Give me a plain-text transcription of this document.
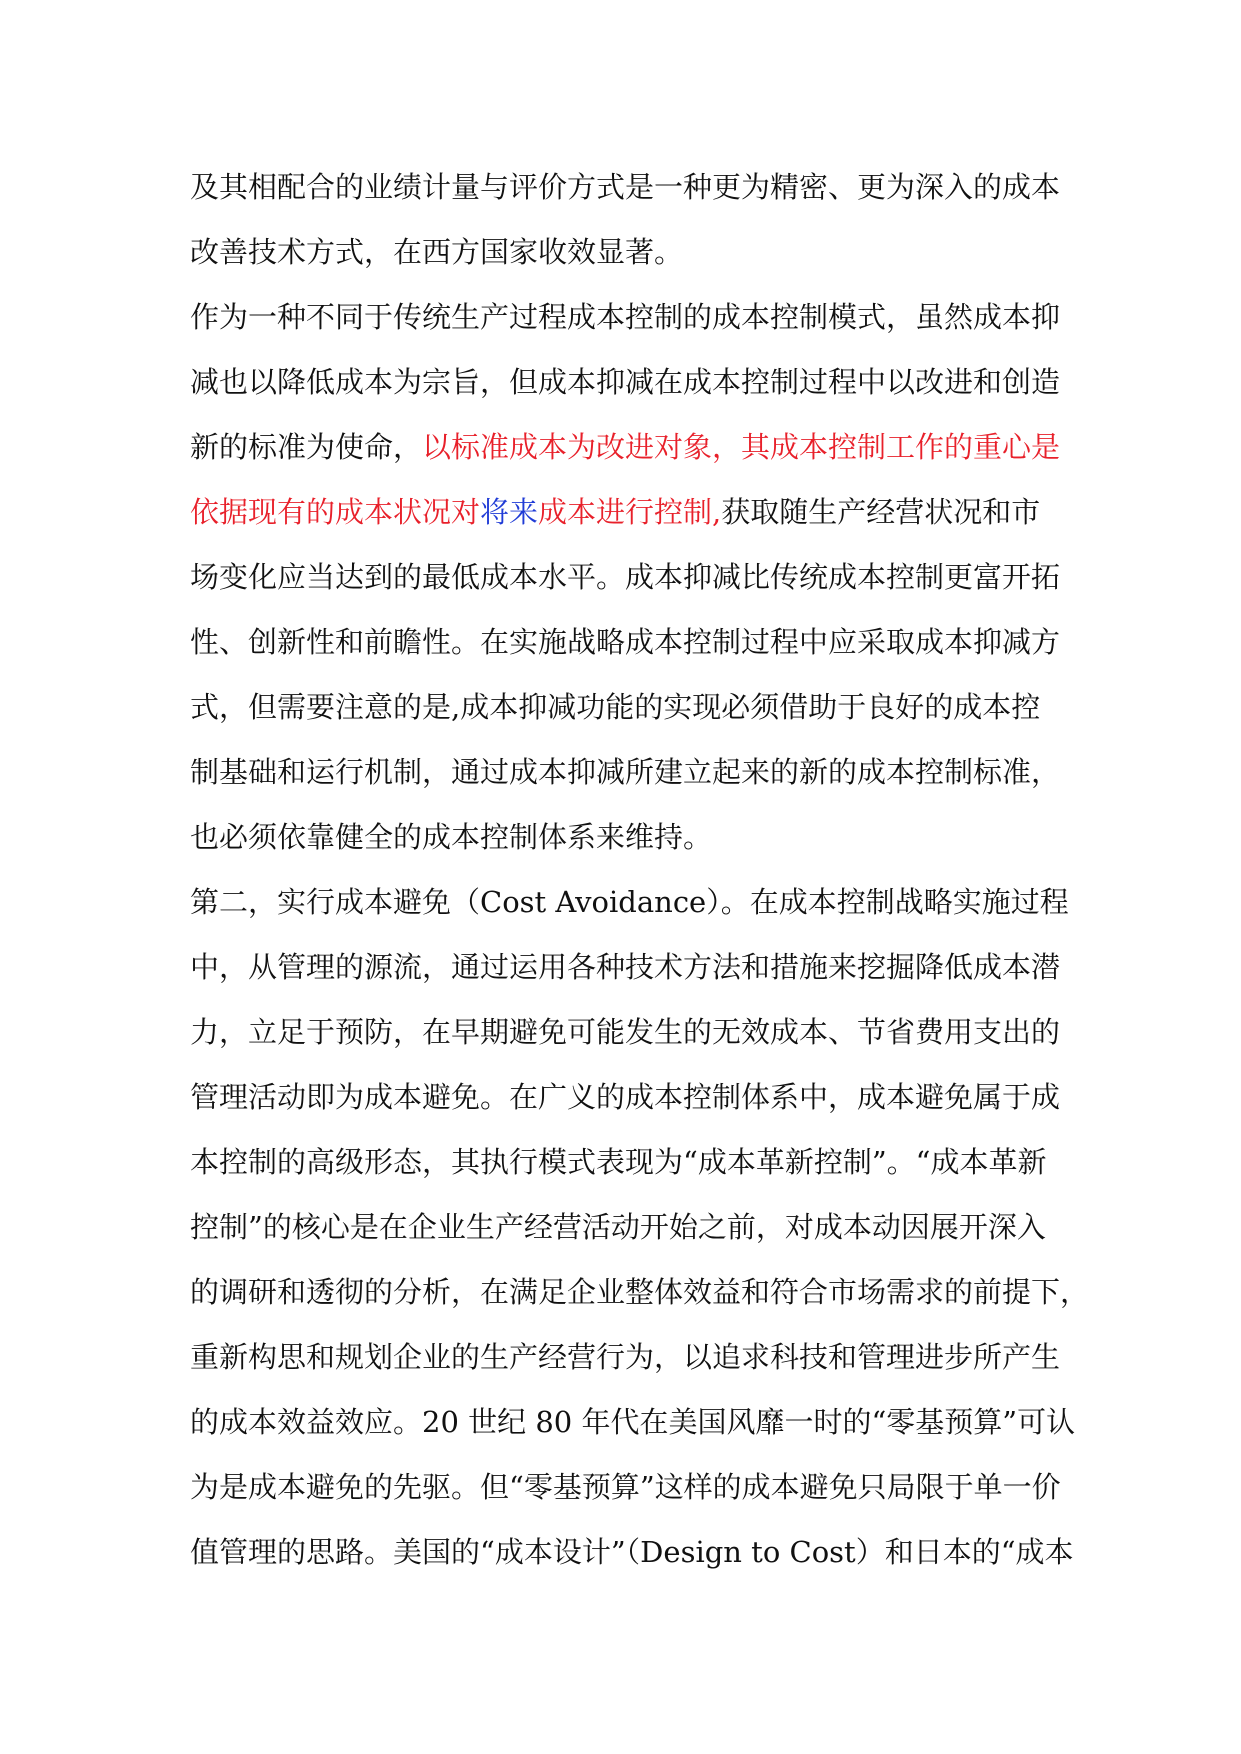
及其相配合的业绩计量与评价方式是一种更为精密、更为深入的成本
改善技术方式，在西方国家收效显著。
作为一种不同于传统生产过程成本控制的成本控制模式，虽然成本抑
减也以降低成本为宗旨，但成本抑减在成本控制过程中以改进和创造
新的标准为使命，以标准成本为改进对象，其成本控制工作的重心是
依据现有的成本状况对将来成本进行控制,获取随生产经营状况和市
场变化应当达到的最低成本水平。成本抑减比传统成本控制更富开拓
性、创新性和前瞻性。在实施战略成本控制过程中应采取成本抑减方
式，但需要注意的是,成本抑减功能的实现必须借助于良好的成本控
制基础和运行机制，通过成本抑减所建立起来的新的成本控制标准，
也必须依靠健全的成本控制体系来维持。
第二，实行成本避免（Cost Avoidance）。在成本控制战略实施过程
中，从管理的源流，通过运用各种技术方法和措施来挖掘降低成本潜
力，立足于预防，在早期避免可能发生的无效成本、节省费用支出的
管理活动即为成本避免。在广义的成本控制体系中，成本避免属于成
本控制的高级形态，其执行模式表现为“成本革新控制”。“成本革新
控制”的核心是在企业生产经营活动开始之前，对成本动因展开深入
的调研和透彻的分析，在满足企业整体效益和符合市场需求的前提下，
重新构思和规划企业的生产经营行为，以追求科技和管理进步所产生
的成本效益效应。20 世纪 80 年代在美国风靡一时的“零基预算”可认
为是成本避免的先驱。但“零基预算”这样的成本避免只局限于单一价
值管理的思路。美国的“成本设计”（Design to Cost）和日本的“成本
